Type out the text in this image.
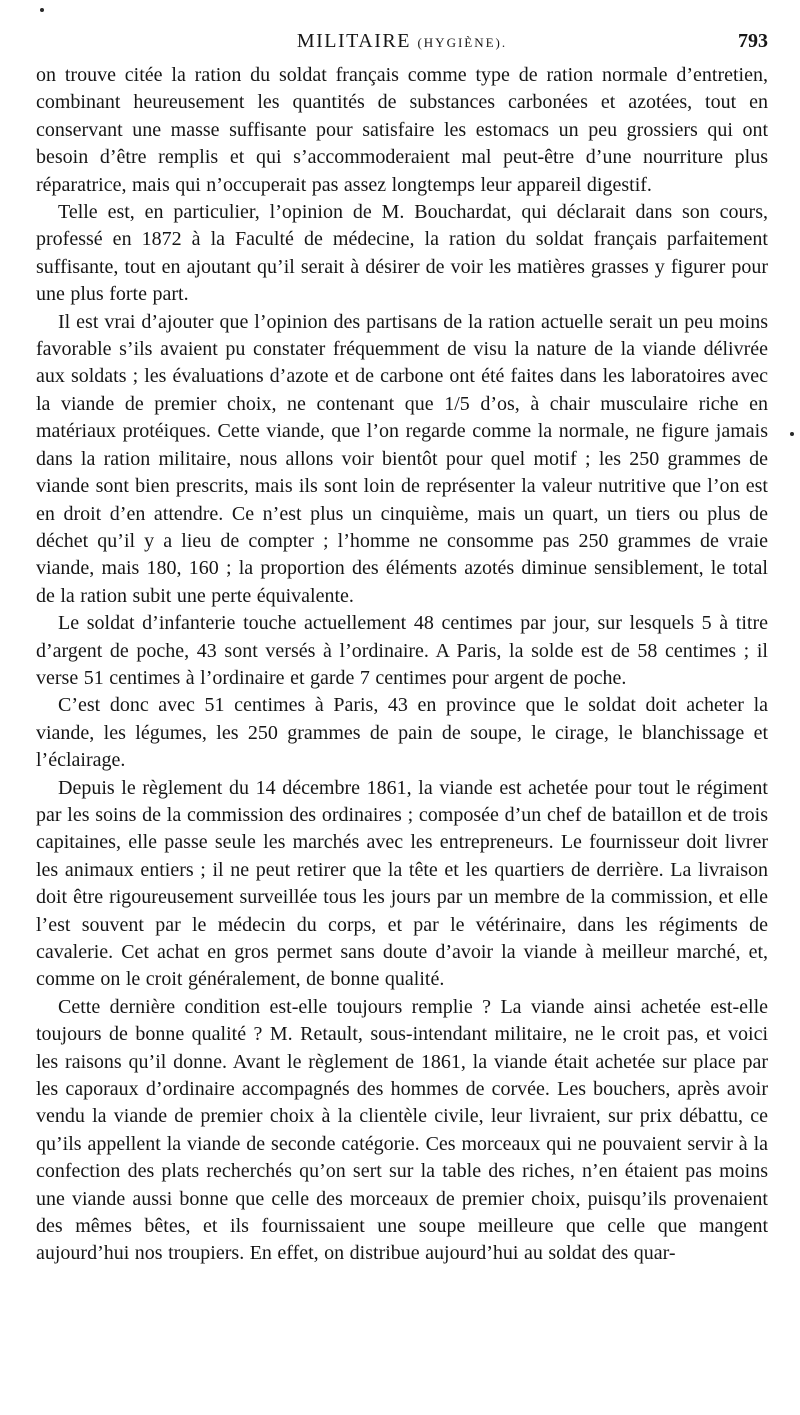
MILITAIRE (HYGIÈNE).	793

on trouve citée la ration du soldat français comme type de ration normale d’entretien, combinant heureusement les quantités de substances carbonées et azotées, tout en conservant une masse suffisante pour satisfaire les estomacs un peu grossiers qui ont besoin d’être remplis et qui s’accommoderaient mal peut-être d’une nourriture plus réparatrice, mais qui n’occuperait pas assez longtemps leur appareil digestif.

Telle est, en particulier, l’opinion de M. Bouchardat, qui déclarait dans son cours, professé en 1872 à la Faculté de médecine, la ration du soldat français parfaitement suffisante, tout en ajoutant qu’il serait à désirer de voir les matières grasses y figurer pour une plus forte part.

Il est vrai d’ajouter que l’opinion des partisans de la ration actuelle serait un peu moins favorable s’ils avaient pu constater fréquemment de visu la nature de la viande délivrée aux soldats ; les évaluations d’azote et de carbone ont été faites dans les laboratoires avec la viande de premier choix, ne contenant que 1/5 d’os, à chair musculaire riche en matériaux protéiques. Cette viande, que l’on regarde comme la normale, ne figure jamais dans la ration militaire, nous allons voir bientôt pour quel motif ; les 250 grammes de viande sont bien prescrits, mais ils sont loin de représenter la valeur nutritive que l’on est en droit d’en attendre. Ce n’est plus un cinquième, mais un quart, un tiers ou plus de déchet qu’il y a lieu de compter ; l’homme ne consomme pas 250 grammes de vraie viande, mais 180, 160 ; la proportion des éléments azotés diminue sensiblement, le total de la ration subit une perte équivalente.

Le soldat d’infanterie touche actuellement 48 centimes par jour, sur lesquels 5 à titre d’argent de poche, 43 sont versés à l’ordinaire. A Paris, la solde est de 58 centimes ; il verse 51 centimes à l’ordinaire et garde 7 centimes pour argent de poche.

C’est donc avec 51 centimes à Paris, 43 en province que le soldat doit acheter la viande, les légumes, les 250 grammes de pain de soupe, le cirage, le blanchissage et l’éclairage.

Depuis le règlement du 14 décembre 1861, la viande est achetée pour tout le régiment par les soins de la commission des ordinaires ; composée d’un chef de bataillon et de trois capitaines, elle passe seule les marchés avec les entrepreneurs. Le fournisseur doit livrer les animaux entiers ; il ne peut retirer que la tête et les quartiers de derrière. La livraison doit être rigoureusement surveillée tous les jours par un membre de la commission, et elle l’est souvent par le médecin du corps, et par le vétérinaire, dans les régiments de cavalerie. Cet achat en gros permet sans doute d’avoir la viande à meilleur marché, et, comme on le croit généralement, de bonne qualité.

Cette dernière condition est-elle toujours remplie ? La viande ainsi achetée est-elle toujours de bonne qualité ? M. Retault, sous-intendant militaire, ne le croit pas, et voici les raisons qu’il donne. Avant le règlement de 1861, la viande était achetée sur place par les caporaux d’ordinaire accompagnés des hommes de corvée. Les bouchers, après avoir vendu la viande de premier choix à la clientèle civile, leur livraient, sur prix débattu, ce qu’ils appellent la viande de seconde catégorie. Ces morceaux qui ne pouvaient servir à la confection des plats recherchés qu’on sert sur la table des riches, n’en étaient pas moins une viande aussi bonne que celle des morceaux de premier choix, puisqu’ils provenaient des mêmes bêtes, et ils fournissaient une soupe meilleure que celle que mangent aujourd’hui nos troupiers. En effet, on distribue aujourd’hui au soldat des quar-
